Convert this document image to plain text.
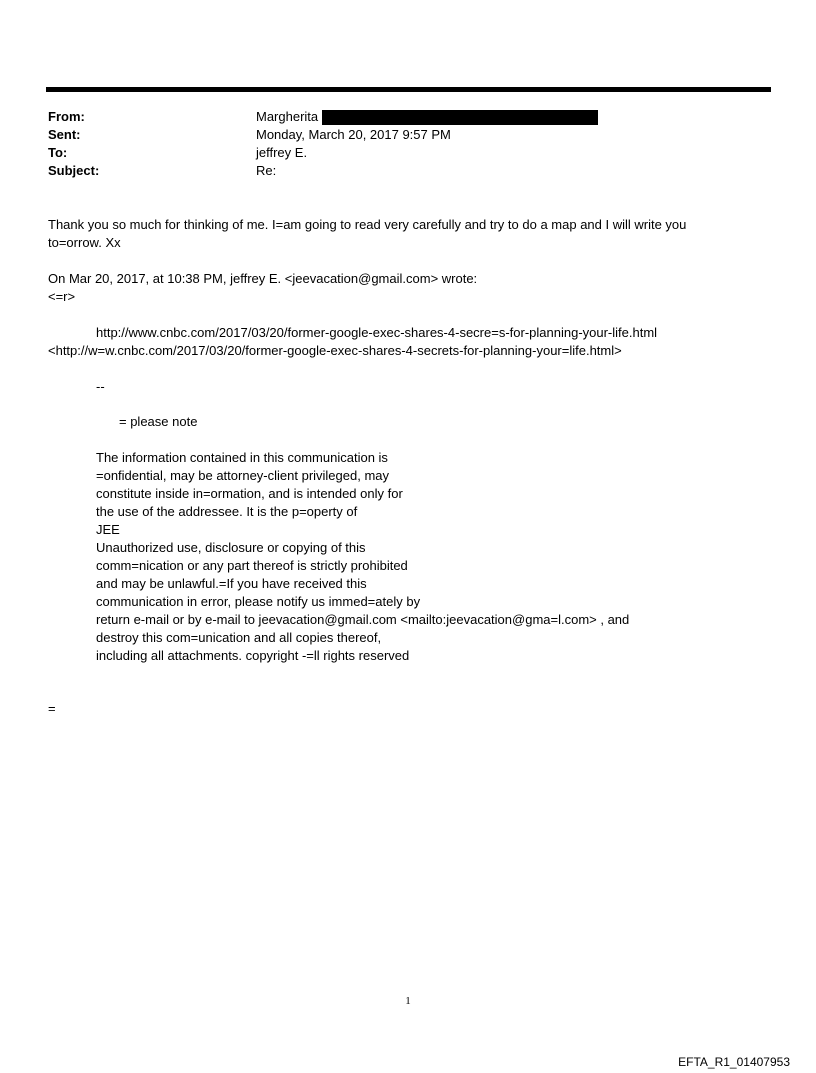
From:	Margherita
Sent:	Monday, March 20, 2017 9:57 PM
To:	jeffrey E.
Subject:	Re:
Thank you so much for thinking of me. I=am going to read very carefully and try to do a map and I will write you
to=orrow. Xx
On Mar 20, 2017, at 10:38 PM, jeffrey E. <jeevacation@gmail.com> wrote:
<=r>
http://www.cnbc.com/2017/03/20/former-google-exec-shares-4-secre=s-for-planning-your-life.html
<http://w=w.cnbc.com/2017/03/20/former-google-exec-shares-4-secrets-for-planning-your=life.html>
--
= please note
The information contained in this communication is
=onfidential, may be attorney-client privileged, may
constitute inside in=ormation, and is intended only for
the use of the addressee. It is the p=operty of
JEE
Unauthorized use, disclosure or copying of this
comm=nication or any part thereof is strictly prohibited
and may be unlawful.=If you have received this
communication in error, please notify us immed=ately by
return e-mail or by e-mail to jeevacation@gmail.com <mailto:jeevacation@gma=l.com> , and
destroy this com=unication and all copies thereof,
including all attachments. copyright -=ll rights reserved
=
1
EFTA_R1_01407953
